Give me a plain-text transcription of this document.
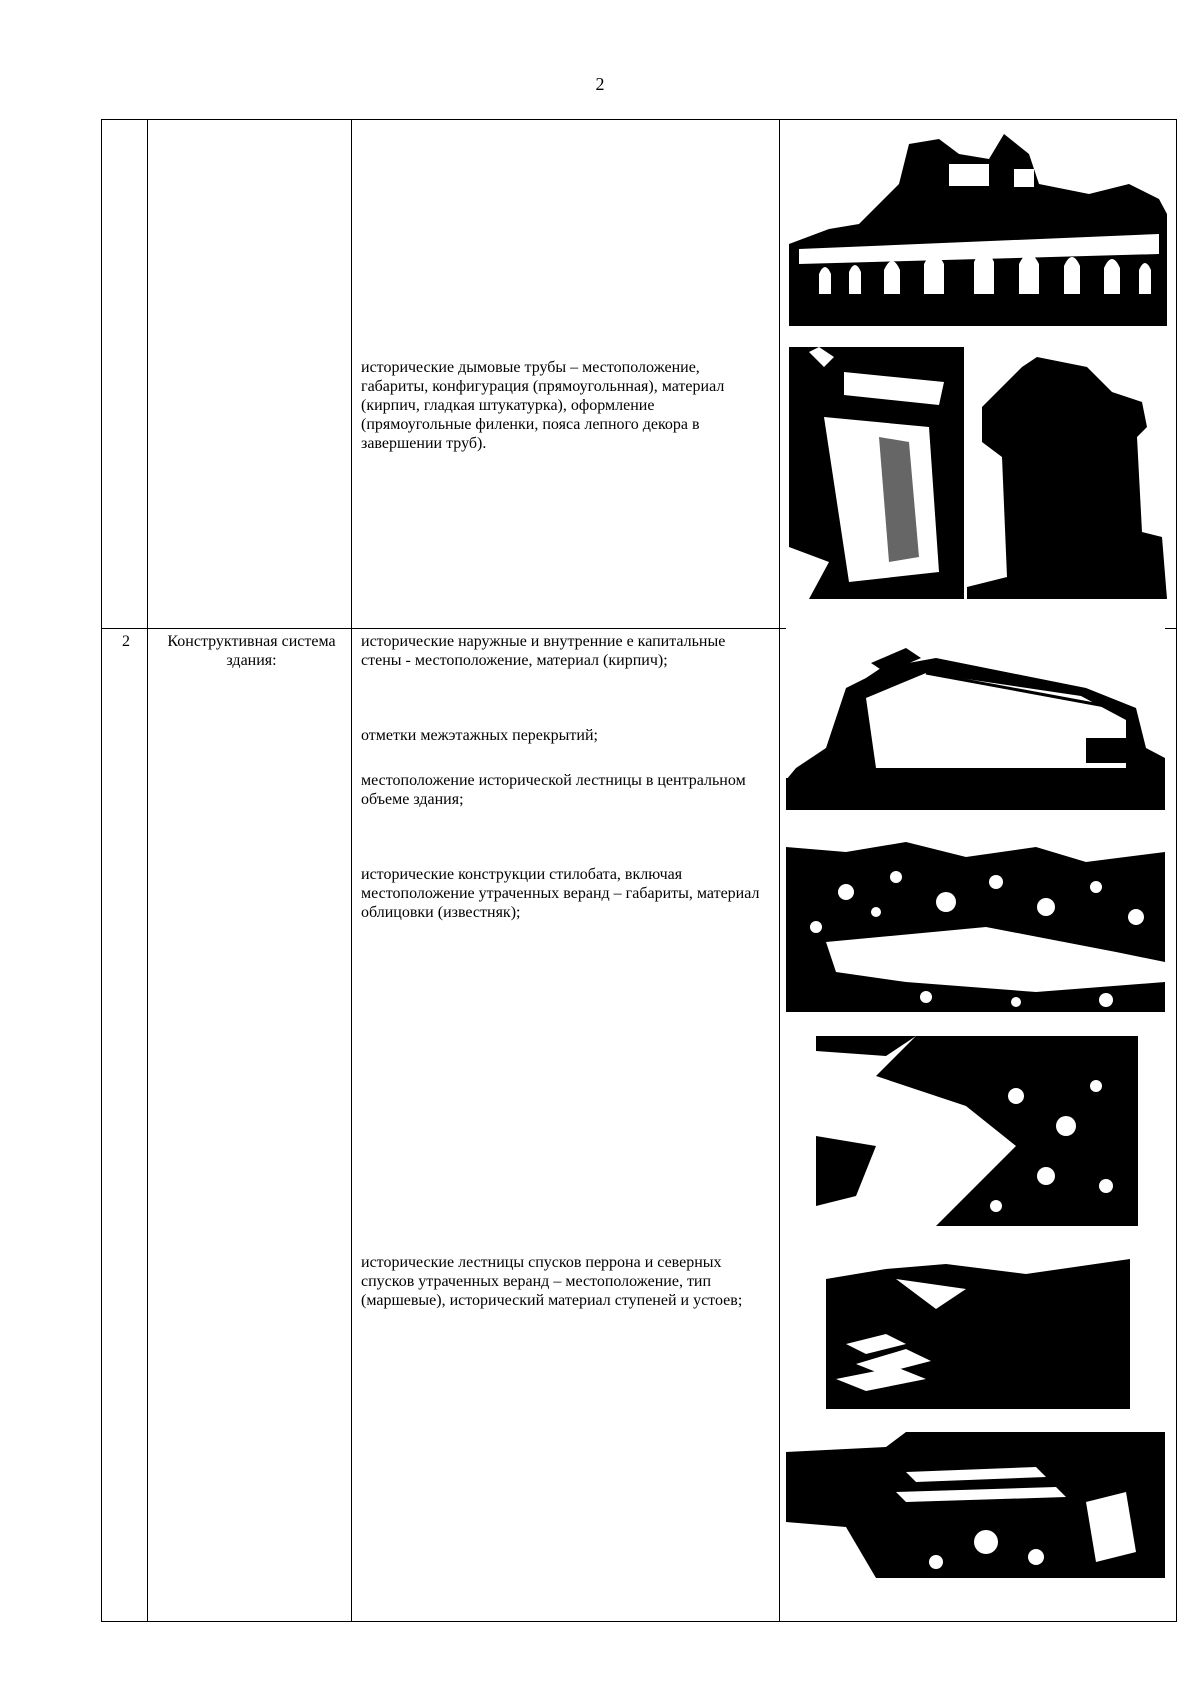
2
исторические дымовые трубы – местоположение, габариты, конфигурация (прямоугольнная), материал (кирпич, гладкая штукатурка), оформление (прямоугольные филенки, пояса лепного декора в завершении труб).
2	Конструктивная система здания:
исторические наружные и внутренние е капитальные стены - местоположение, материал (кирпич);
отметки межэтажных перекрытий;
местоположение исторической лестницы в центральном объеме здания;
исторические конструкции стилобата, включая местоположение утраченных веранд – габариты, материал облицовки (известняк);
исторические лестницы спусков перрона и северных спусков утраченных веранд – местоположение, тип (маршевые), исторический материал ступеней и устоев;
